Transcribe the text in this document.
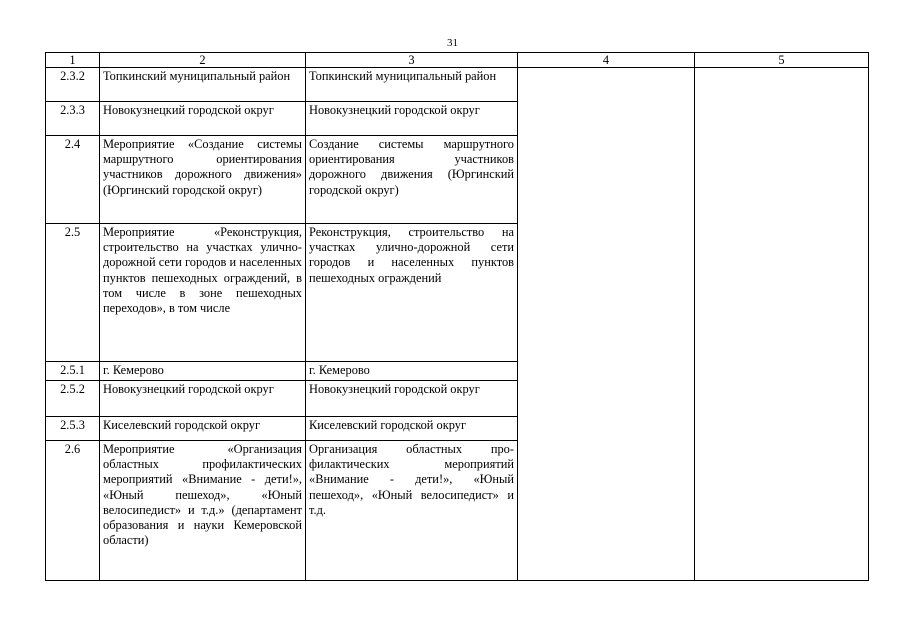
31
1	2	3	4	5
2.3.2	Топкинский муниципальный район	Топкинский муниципальный район		
2.3.3	Новокузнецкий городской округ	Новокузнецкий городской округ		
2.4	Мероприятие «Создание системы маршрутного ориентирования участников дорожного движения» (Юргинский городской округ)	Создание системы маршрутного ориентирования участников дорожного движения (Юргинский городской округ)		
2.5	Мероприятие «Реконструкция, строительство на участках улично-дорожной сети городов и населенных пунктов пешеходных ограждений, в том числе в зоне пешеходных переходов», в том числе	Реконструкция, строительство на участках улично-дорожной сети городов и населенных пунктов пешеходных ограждений		
2.5.1	г. Кемерово	г. Кемерово		
2.5.2	Новокузнецкий городской округ	Новокузнецкий городской округ		
2.5.3	Киселевский городской округ	Киселевский городской округ		
2.6	Мероприятие «Организация областных профилактических мероприятий «Внимание - дети!», «Юный пешеход», «Юный велосипедист» и т.д.» (департамент образования и науки Кемеровской области)	Организация областных профилактических мероприятий «Внимание - дети!», «Юный пешеход», «Юный велосипедист» и т.д.		
